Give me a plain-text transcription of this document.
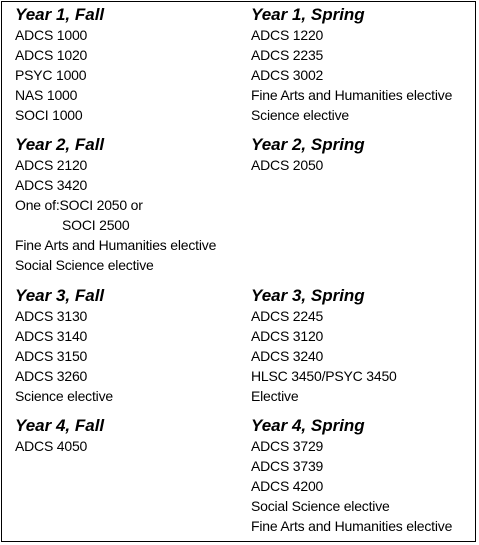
Year 1, Fall
ADCS 1000
ADCS 1020
PSYC 1000
NAS 1000
SOCI 1000
Year 1, Spring
ADCS 1220
ADCS 2235
ADCS 3002
Fine Arts and Humanities elective
Science elective
Year 2, Fall
ADCS 2120
ADCS 3420
One of:SOCI 2050 or
SOCI 2500
Fine Arts and Humanities elective
Social Science elective
Year 2, Spring
ADCS 2050
Year 3, Fall
ADCS 3130
ADCS 3140
ADCS 3150
ADCS 3260
Science elective
Year 3, Spring
ADCS 2245
ADCS 3120
ADCS 3240
HLSC 3450/PSYC 3450
Elective
Year 4, Fall
ADCS 4050
Year 4, Spring
ADCS 3729
ADCS 3739
ADCS 4200
Social Science elective
Fine Arts and Humanities elective
